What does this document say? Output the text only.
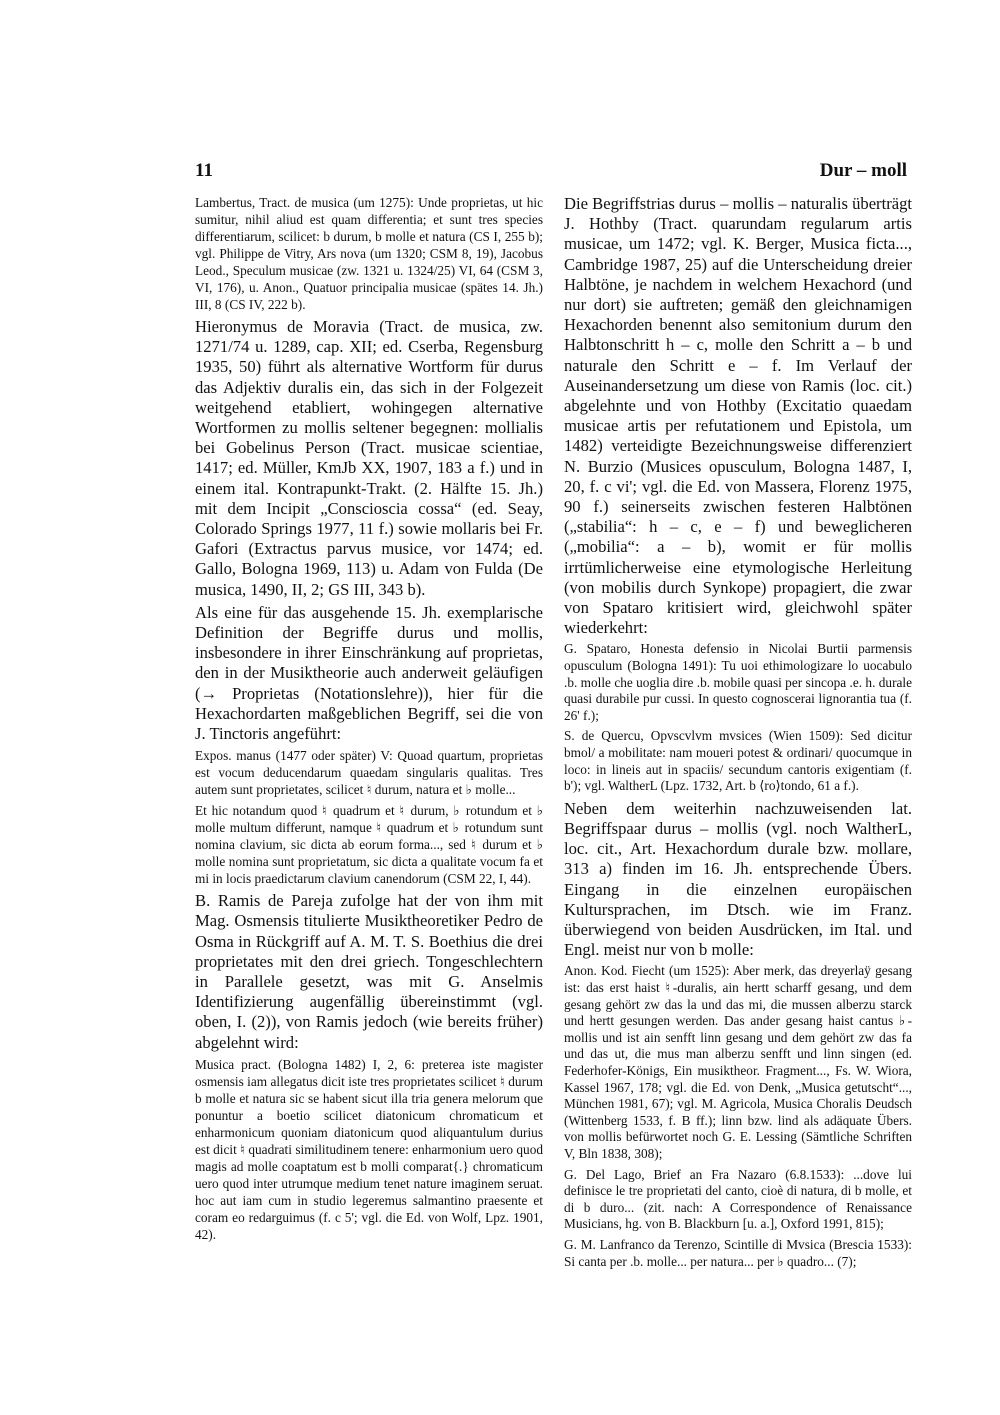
11	Dur – moll

Lambertus, Tract. de musica (um 1275): Unde proprietas, ut hic sumitur, nihil aliud est quam differentia; et sunt tres species differentiarum, scilicet: b durum, b molle et natura (CS I, 255 b); vgl. Philippe de Vitry, Ars nova (um 1320; CSM 8, 19), Jacobus Leod., Speculum musicae (zw. 1321 u. 1324/25) VI, 64 (CSM 3, VI, 176), u. Anon., Quatuor principalia musicae (spätes 14. Jh.) III, 8 (CS IV, 222 b).

Hieronymus de Moravia (Tract. de musica, zw. 1271/74 u. 1289, cap. XII; ed. Cserba, Regensburg 1935, 50) führt als alternative Wortform für durus das Adjektiv duralis ein, das sich in der Folgezeit weitgehend etabliert, wohingegen alternative Wortformen zu mollis seltener begegnen: mollialis bei Gobelinus Person (Tract. musicae scientiae, 1417; ed. Müller, KmJb XX, 1907, 183 a f.) und in einem ital. Kontrapunkt-Trakt. (2. Hälfte 15. Jh.) mit dem Incipit „Conscioscia cossa“ (ed. Seay, Colorado Springs 1977, 11 f.) sowie mollaris bei Fr. Gafori (Extractus parvus musice, vor 1474; ed. Gallo, Bologna 1969, 113) u. Adam von Fulda (De musica, 1490, II, 2; GS III, 343 b).

Als eine für das ausgehende 15. Jh. exemplarische Definition der Begriffe durus und mollis, insbesondere in ihrer Einschränkung auf proprietas, den in der Musiktheorie auch anderweit geläufigen (→ Proprietas (Notationslehre)), hier für die Hexachordarten maßgeblichen Begriff, sei die von J. Tinctoris angeführt:

Expos. manus (1477 oder später) V: Quoad quartum, proprietas est vocum deducendarum quaedam singularis qualitas. Tres autem sunt proprietates, scilicet ♮ durum, natura et ♭ molle...

Et hic notandum quod ♮ quadrum et ♮ durum, ♭ rotundum et ♭ molle multum differunt, namque ♮ quadrum et ♭ rotundum sunt nomina clavium, sic dicta ab eorum forma..., sed ♮ durum et ♭ molle nomina sunt proprietatum, sic dicta a qualitate vocum fa et mi in locis praedictarum clavium canendorum (CSM 22, I, 44).

B. Ramis de Pareja zufolge hat der von ihm mit Mag. Osmensis titulierte Musiktheoretiker Pedro de Osma in Rückgriff auf A. M. T. S. Boethius die drei proprietates mit den drei griech. Tongeschlechtern in Parallele gesetzt, was mit G. Anselmis Identifizierung augenfällig übereinstimmt (vgl. oben, I. (2)), von Ramis jedoch (wie bereits früher) abgelehnt wird:

Musica pract. (Bologna 1482) I, 2, 6: preterea iste magister osmensis iam allegatus dicit iste tres proprietates scilicet ♮ durum b molle et natura sic se habent sicut illa tria genera melorum que ponuntur a boetio scilicet diatonicum chromaticum et enharmonicum quoniam diatonicum quod aliquantulum durius est dicit ♮ quadrati similitudinem tenere: enharmonium uero quod magis ad molle coaptatum est b molli comparat{.} chromaticum uero quod inter utrumque medium tenet nature imaginem seruat. hoc aut iam cum in studio legeremus salmantino praesente et coram eo redarguimus (f. c 5'; vgl. die Ed. von Wolf, Lpz. 1901, 42).

Die Begriffstrias durus – mollis – naturalis überträgt J. Hothby (Tract. quarundam regularum artis musicae, um 1472; vgl. K. Berger, Musica ficta..., Cambridge 1987, 25) auf die Unterscheidung dreier Halbtöne, je nachdem in welchem Hexachord (und nur dort) sie auftreten; gemäß den gleichnamigen Hexachorden benennt also semitonium durum den Halbtonschritt h – c, molle den Schritt a – b und naturale den Schritt e – f. Im Verlauf der Auseinandersetzung um diese von Ramis (loc. cit.) abgelehnte und von Hothby (Excitatio quaedam musicae artis per refutationem und Epistola, um 1482) verteidigte Bezeichnungsweise differenziert N. Burzio (Musices opusculum, Bologna 1487, I, 20, f. c vi'; vgl. die Ed. von Massera, Florenz 1975, 90 f.) seinerseits zwischen festeren Halbtönen („stabilia“: h – c, e – f) und beweglicheren („mobilia“: a – b), womit er für mollis irrtümlicherweise eine etymologische Herleitung (von mobilis durch Synkope) propagiert, die zwar von Spataro kritisiert wird, gleichwohl später wiederkehrt:

G. Spataro, Honesta defensio in Nicolai Burtii parmensis opusculum (Bologna 1491): Tu uoi ethimologizare lo uocabulo .b. molle che uoglia dire .b. mobile quasi per sincopa .e. h. durale quasi durabile pur cussi. In questo cognoscerai lignorantia tua (f. 26' f.);

S. de Quercu, Opvscvlvm mvsices (Wien 1509): Sed dicitur bmol/ a mobilitate: nam moueri potest & ordinari/ quocumque in loco: in lineis aut in spaciis/ secundum cantoris exigentiam (f. b'); vgl. WaltherL (Lpz. 1732, Art. b ⟨ro⟩tondo, 61 a f.).

Neben dem weiterhin nachzuweisenden lat. Begriffspaar durus – mollis (vgl. noch WaltherL, loc. cit., Art. Hexachordum durale bzw. mollare, 313 a) finden im 16. Jh. entsprechende Übers. Eingang in die einzelnen europäischen Kultursprachen, im Dtsch. wie im Franz. überwiegend von beiden Ausdrücken, im Ital. und Engl. meist nur von b molle:

Anon. Kod. Fiecht (um 1525): Aber merk, das dreyerlaÿ gesang ist: das erst haist ♮-duralis, ain hertt scharff gesang, und dem gesang gehört zw das la und das mi, die mussen alberzu starck und hertt gesungen werden. Das ander gesang haist cantus ♭-mollis und ist ain senfft linn gesang und dem gehört zw das fa und das ut, die mus man alberzu senfft und linn singen (ed. Federhofer-Königs, Ein musiktheor. Fragment..., Fs. W. Wiora, Kassel 1967, 178; vgl. die Ed. von Denk, „Musica getutscht“..., München 1981, 67); vgl. M. Agricola, Musica Choralis Deudsch (Wittenberg 1533, f. B ff.); linn bzw. lind als adäquate Übers. von mollis befürwortet noch G. E. Lessing (Sämtliche Schriften V, Bln 1838, 308);

G. Del Lago, Brief an Fra Nazaro (6.8.1533): ...dove lui definisce le tre proprietati del canto, cioè di natura, di b molle, et di b duro... (zit. nach: A Correspondence of Renaissance Musicians, hg. von B. Blackburn [u. a.], Oxford 1991, 815);

G. M. Lanfranco da Terenzo, Scintille di Mvsica (Brescia 1533): Si canta per .b. molle... per natura... per ♭ quadro... (7);
